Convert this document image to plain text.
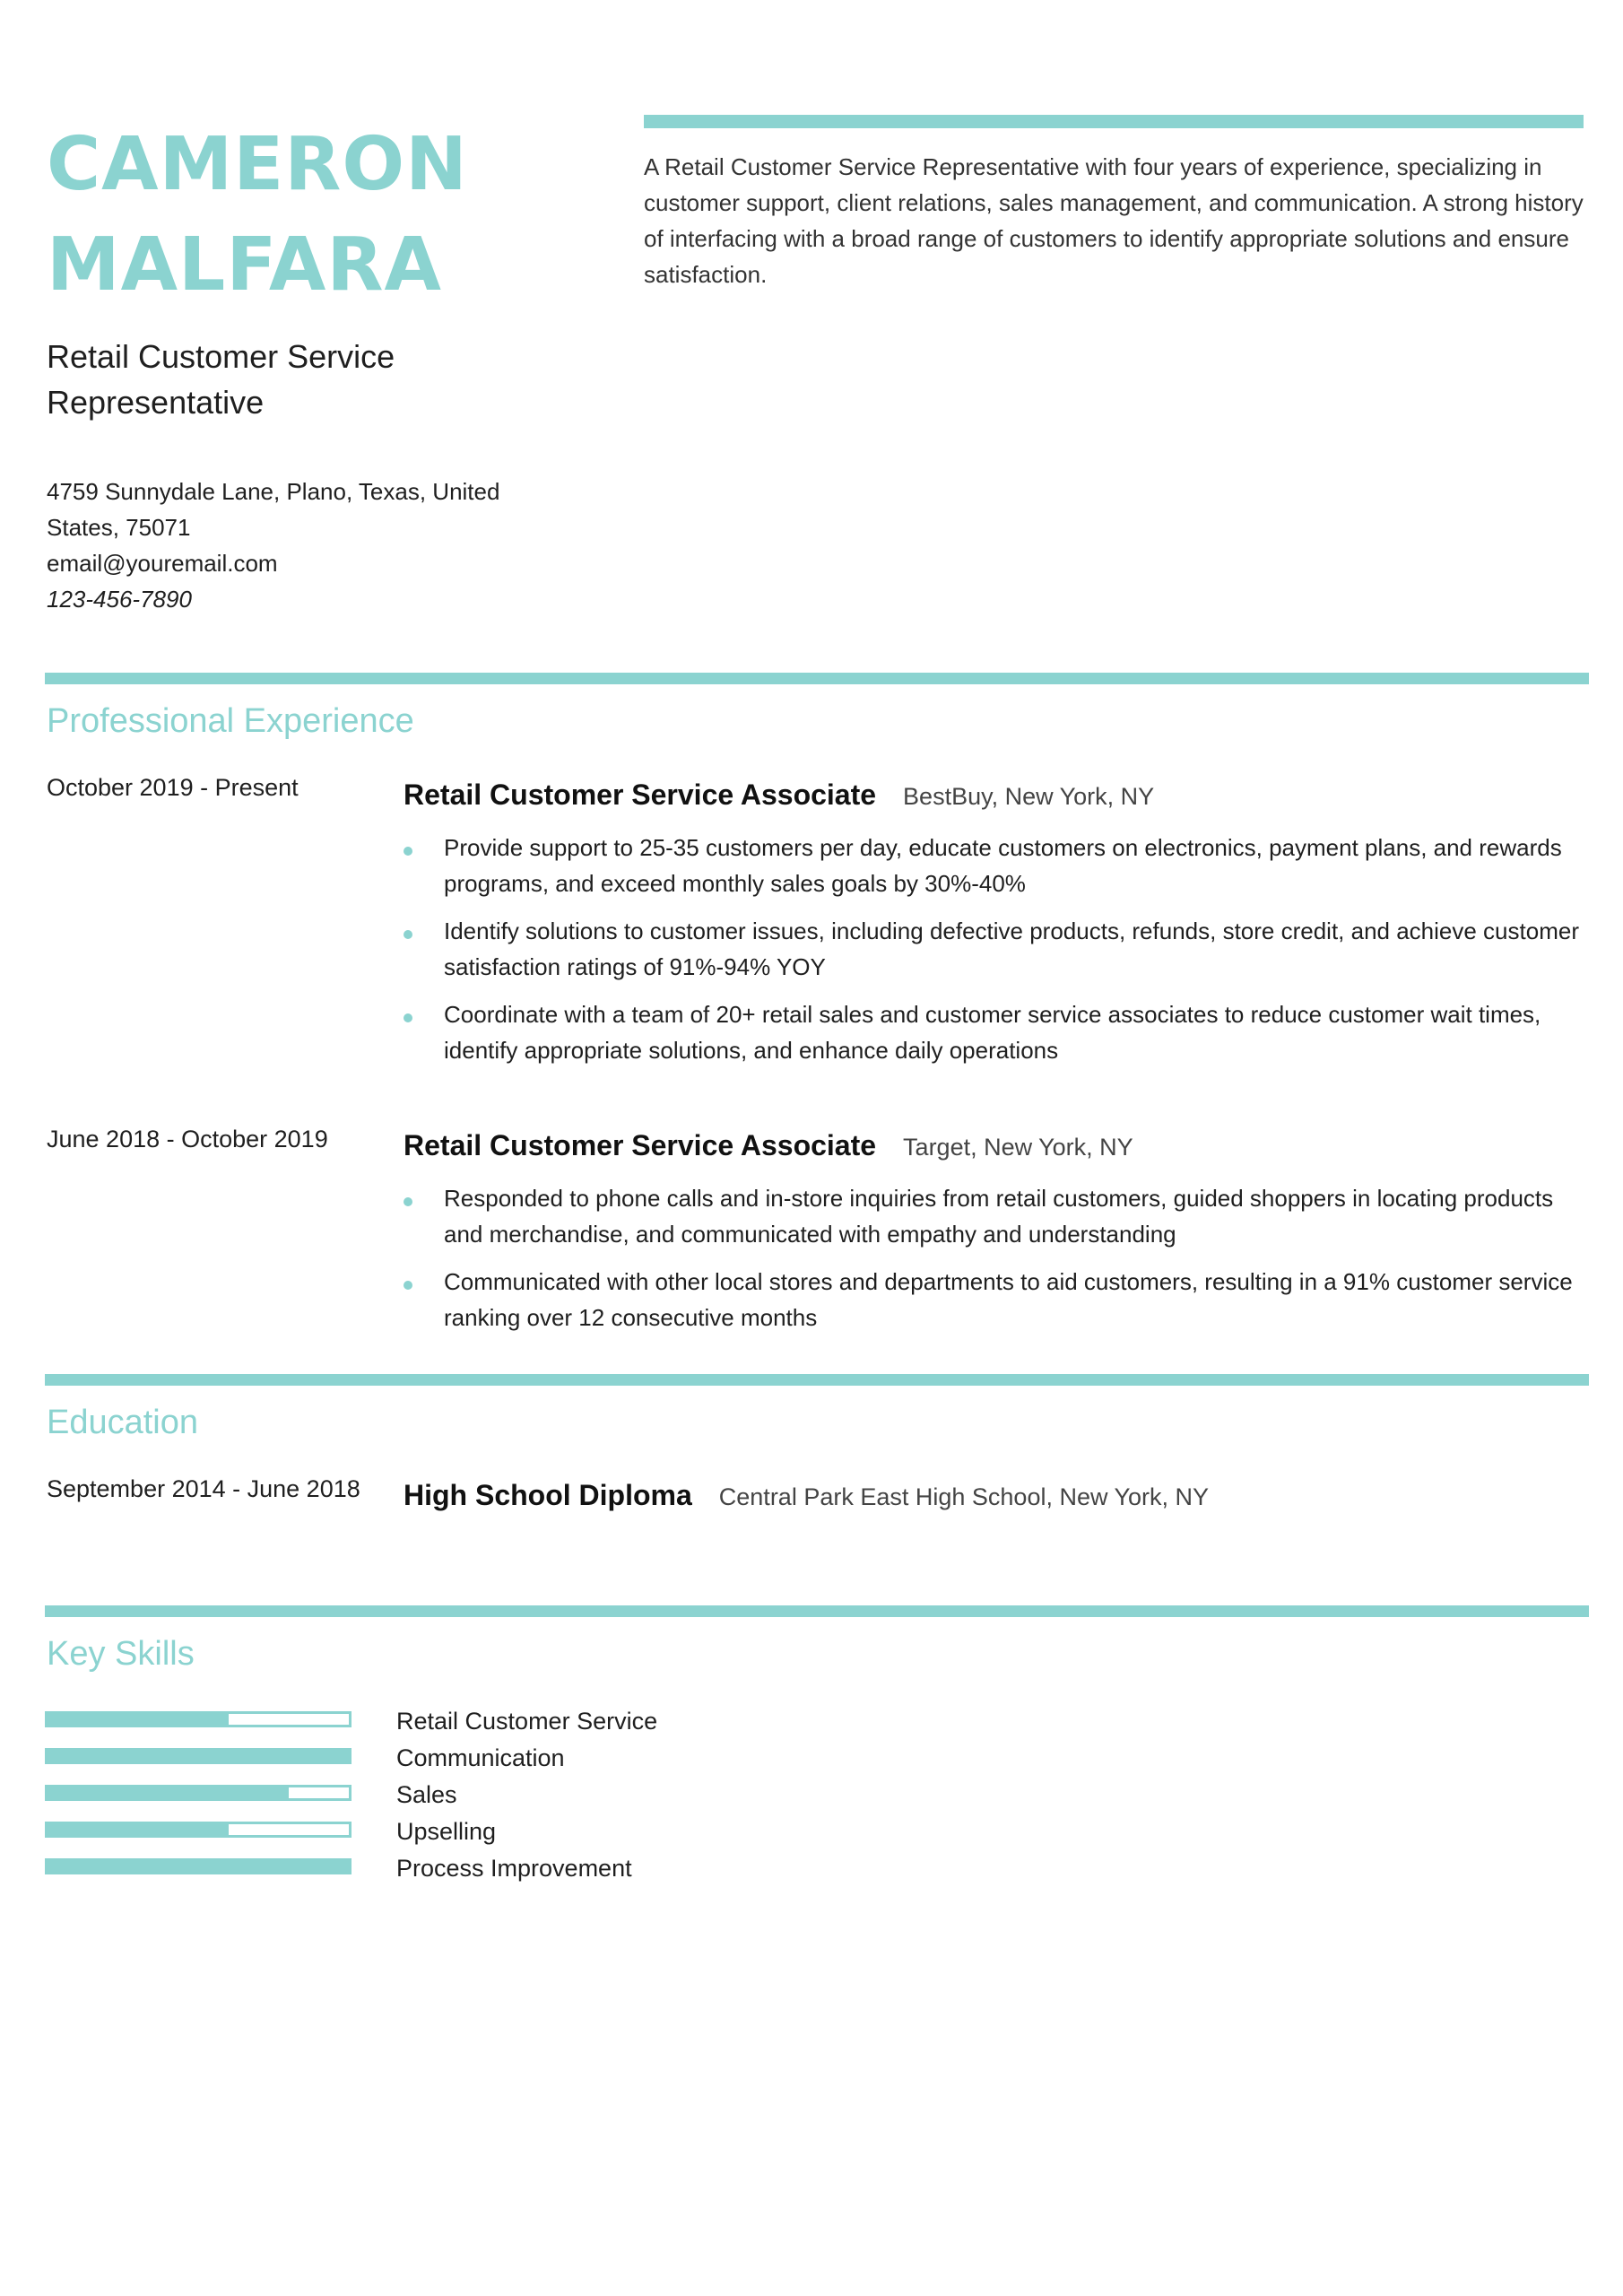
CAMERON
MALFARA
Retail Customer Service Representative
4759 Sunnydale Lane, Plano, Texas, United States, 75071
email@youremail.com
123-456-7890
A Retail Customer Service Representative with four years of experience, specializing in customer support, client relations, sales management, and communication. A strong history of interfacing with a broad range of customers to identify appropriate solutions and ensure satisfaction.
Professional Experience
October 2019 - Present	Retail Customer Service Associate BestBuy, New York, NY
Provide support to 25-35 customers per day, educate customers on electronics, payment plans, and rewards programs, and exceed monthly sales goals by 30%-40%
Identify solutions to customer issues, including defective products, refunds, store credit, and achieve customer satisfaction ratings of 91%-94% YOY
Coordinate with a team of 20+ retail sales and customer service associates to reduce customer wait times, identify appropriate solutions, and enhance daily operations
June 2018 - October 2019	Retail Customer Service Associate Target, New York, NY
Responded to phone calls and in-store inquiries from retail customers, guided shoppers in locating products and merchandise, and communicated with empathy and understanding
Communicated with other local stores and departments to aid customers, resulting in a 91% customer service ranking over 12 consecutive months
Education
September 2014 - June 2018 High School Diploma Central Park East High School, New York, NY
Key Skills
Retail Customer Service
Communication
Sales
Upselling
Process Improvement
